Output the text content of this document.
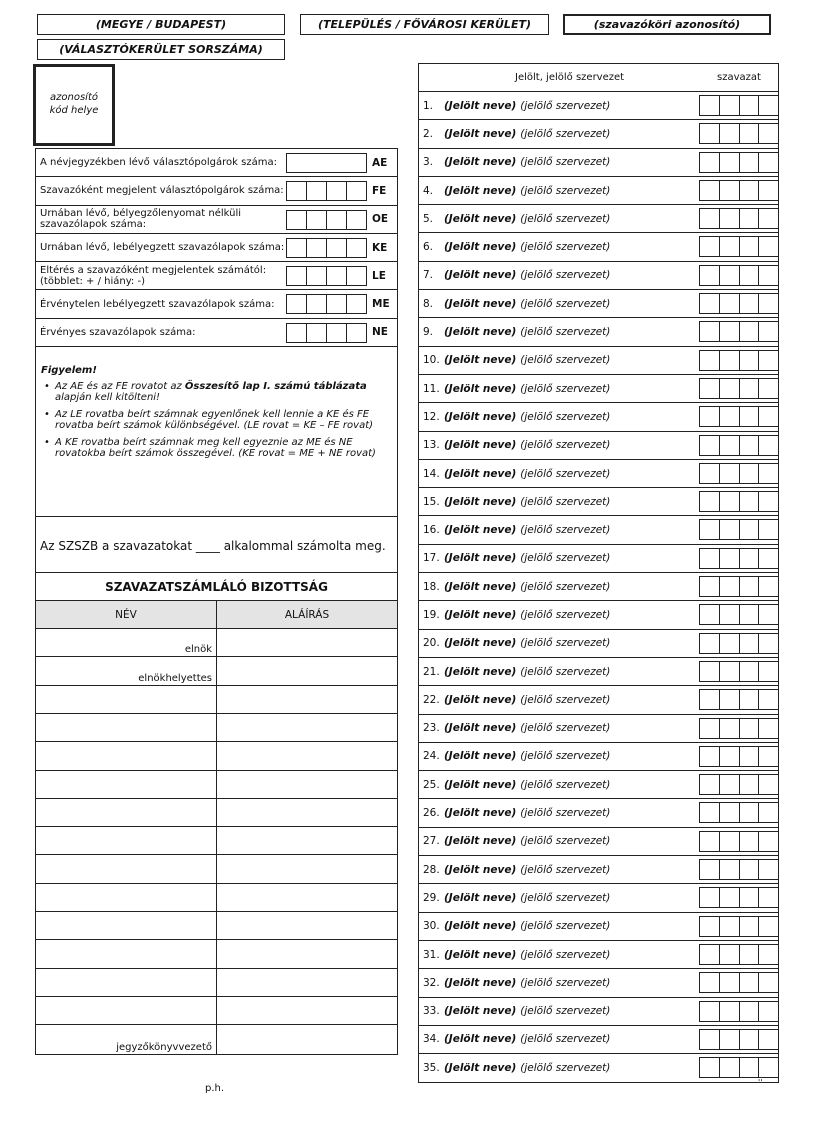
(MEGYE / BUDAPEST)	(TELEPÜLÉS / FŐVÁROSI KERÜLET)	(szavazóköri azonosító)
(VÁLASZTÓKERÜLET SORSZÁMA)
azonosító
kód helye
A névjegyzékben lévő választópolgárok száma:	AE
Szavazóként megjelent választópolgárok száma:	FE
Urnában lévő, bélyegzőlenyomat nélküli szavazólapok száma:	OE
Urnában lévő, lebélyegzett szavazólapok száma:	KE
Eltérés a szavazóként megjelentek számától: (többlet: + / hiány: -)	LE
Érvénytelen lebélyegzett szavazólapok száma:	ME
Érvényes szavazólapok száma:	NE
Figyelem!
• Az AE és az FE rovatot az Összesítő lap I. számú táblázata alapján kell kitölteni!
• Az LE rovatba beírt számnak egyenlőnek kell lennie a KE és FE rovatba beírt számok különbségével. (LE rovat = KE – FE rovat)
• A KE rovatba beírt számnak meg kell egyeznie az ME és NE rovatokba beírt számok összegével. (KE rovat = ME + NE rovat)
Az SZSZB a szavazatokat ____ alkalommal számolta meg.
SZAVAZATSZÁMLÁLÓ BIZOTTSÁG
NÉV	ALÁÍRÁS
elnök
elnökhelyettes
jegyzőkönyvvezető
p.h.
Jelölt, jelölő szervezet	szavazat
1.	(Jelölt neve) (jelölő szervezet)
2.	(Jelölt neve) (jelölő szervezet)
3.	(Jelölt neve) (jelölő szervezet)
4.	(Jelölt neve) (jelölő szervezet)
5.	(Jelölt neve) (jelölő szervezet)
6.	(Jelölt neve) (jelölő szervezet)
7.	(Jelölt neve) (jelölő szervezet)
8.	(Jelölt neve) (jelölő szervezet)
9.	(Jelölt neve) (jelölő szervezet)
10. (Jelölt neve) (jelölő szervezet)
11. (Jelölt neve) (jelölő szervezet)
12. (Jelölt neve) (jelölő szervezet)
13. (Jelölt neve) (jelölő szervezet)
14. (Jelölt neve) (jelölő szervezet)
15. (Jelölt neve) (jelölő szervezet)
16. (Jelölt neve) (jelölő szervezet)
17. (Jelölt neve) (jelölő szervezet)
18. (Jelölt neve) (jelölő szervezet)
19. (Jelölt neve) (jelölő szervezet)
20. (Jelölt neve) (jelölő szervezet)
21. (Jelölt neve) (jelölő szervezet)
22. (Jelölt neve) (jelölő szervezet)
23. (Jelölt neve) (jelölő szervezet)
24. (Jelölt neve) (jelölő szervezet)
25. (Jelölt neve) (jelölő szervezet)
26. (Jelölt neve) (jelölő szervezet)
27. (Jelölt neve) (jelölő szervezet)
28. (Jelölt neve) (jelölő szervezet)
29. (Jelölt neve) (jelölő szervezet)
30. (Jelölt neve) (jelölő szervezet)
31. (Jelölt neve) (jelölő szervezet)
32. (Jelölt neve) (jelölő szervezet)
33. (Jelölt neve) (jelölő szervezet)
34. (Jelölt neve) (jelölő szervezet)
35. (Jelölt neve) (jelölő szervezet)
''
